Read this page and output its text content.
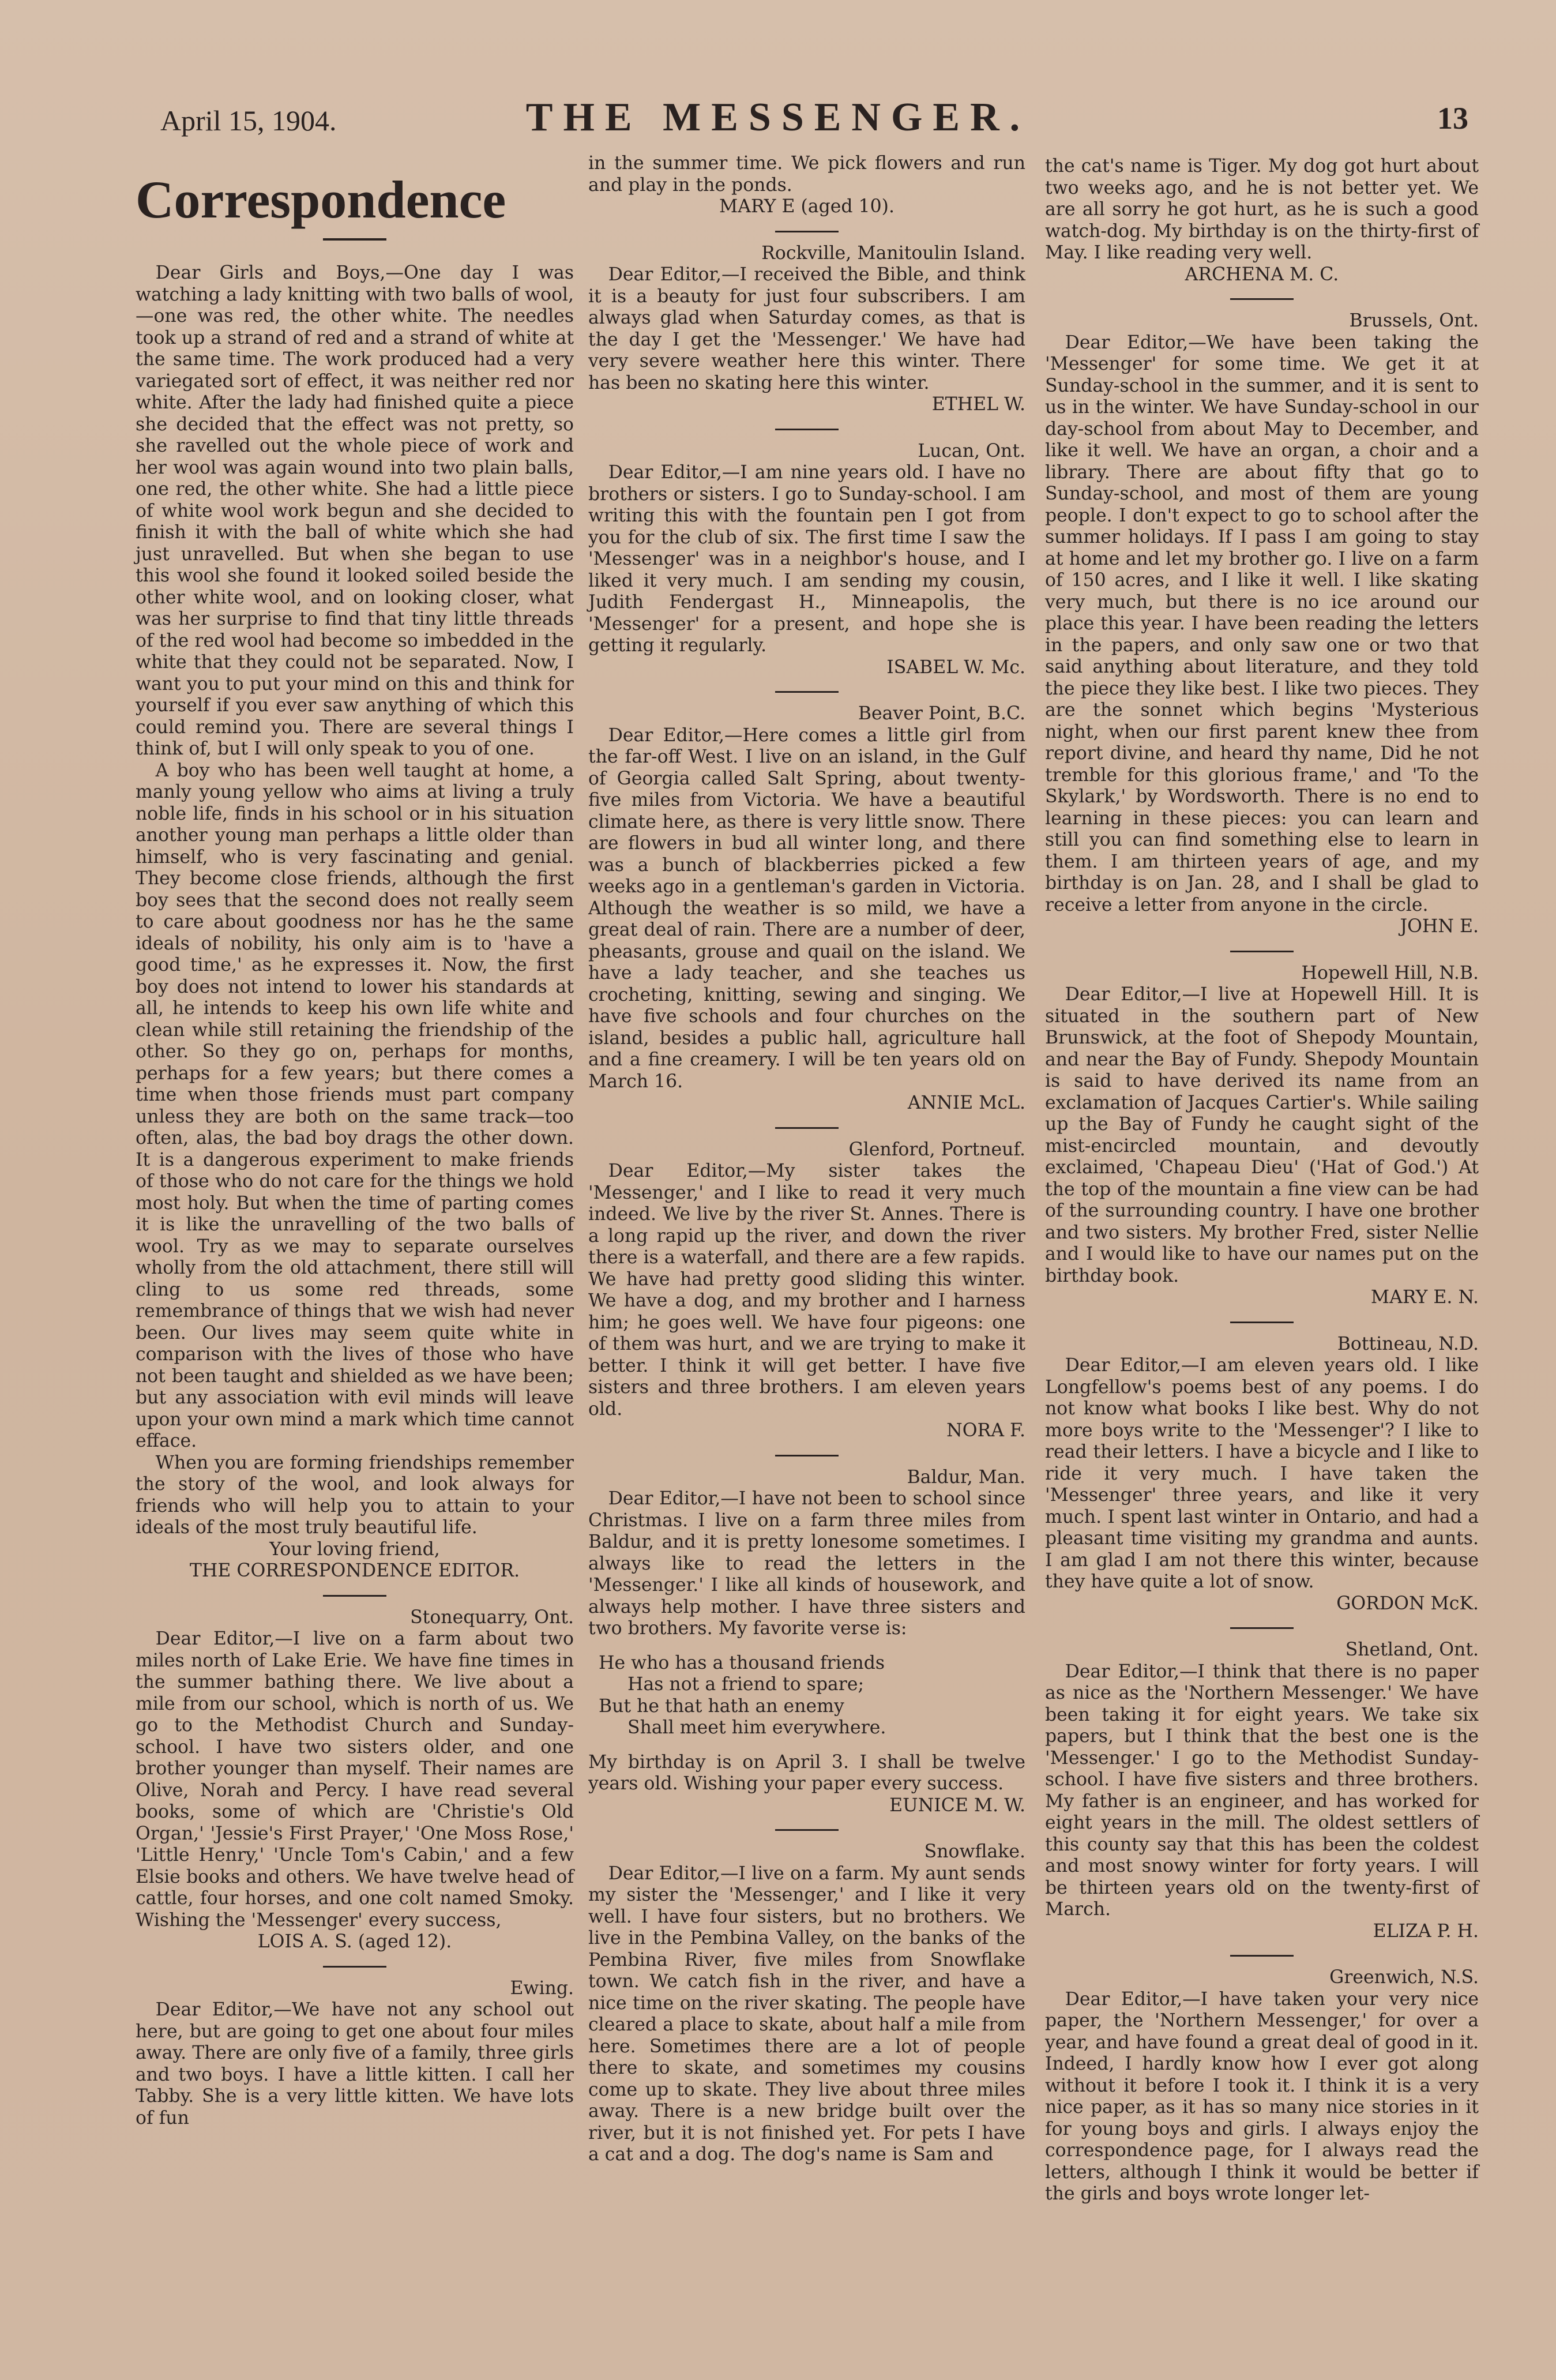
April 15, 1904.	THE MESSENGER.	13
Correspondence

Dear Girls and Boys,—One day I was watching a lady knitting with two balls of wool,—one was red, the other white. The needles took up a strand of red and a strand of white at the same time. The work produced had a very variegated sort of effect, it was neither red nor white. After the lady had finished quite a piece she decided that the effect was not pretty, so she ravelled out the whole piece of work and her wool was again wound into two plain balls, one red, the other white. She had a little piece of white wool work begun and she decided to finish it with the ball of white which she had just unravelled. But when she began to use this wool she found it looked soiled beside the other white wool, and on looking closer, what was her surprise to find that tiny little threads of the red wool had become so imbedded in the white that they could not be separated. Now, I want you to put your mind on this and think for yourself if you ever saw anything of which this could remind you. There are several things I think of, but I will only speak to you of one.

A boy who has been well taught at home, a manly young yellow who aims at living a truly noble life, finds in his school or in his situation another young man perhaps a little older than himself, who is very fascinating and genial. They become close friends, although the first boy sees that the second does not really seem to care about goodness nor has he the same ideals of nobility, his only aim is to 'have a good time,' as he expresses it. Now, the first boy does not intend to lower his standards at all, he intends to keep his own life white and clean while still retaining the friendship of the other. So they go on, perhaps for months, perhaps for a few years; but there comes a time when those friends must part company unless they are both on the same track—too often, alas, the bad boy drags the other down. It is a dangerous experiment to make friends of those who do not care for the things we hold most holy. But when the time of parting comes it is like the unravelling of the two balls of wool. Try as we may to separate ourselves wholly from the old attachment, there still will cling to us some red threads, some remembrance of things that we wish had never been. Our lives may seem quite white in comparison with the lives of those who have not been taught and shielded as we have been; but any association with evil minds will leave upon your own mind a mark which time cannot efface.

When you are forming friendships remember the story of the wool, and look always for friends who will help you to attain to your ideals of the most truly beautiful life.

Your loving friend,
THE CORRESPONDENCE EDITOR.
Stonequarry, Ont.

Dear Editor,—I live on a farm about two miles north of Lake Erie. We have fine times in the summer bathing there. We live about a mile from our school, which is north of us. We go to the Methodist Church and Sunday-school. I have two sisters older, and one brother younger than myself. Their names are Olive, Norah and Percy. I have read several books, some of which are 'Christie's Old Organ,' 'Jessie's First Prayer,' 'One Moss Rose,' 'Little Henry,' 'Uncle Tom's Cabin,' and a few Elsie books and others. We have twelve head of cattle, four horses, and one colt named Smoky. Wishing the 'Messenger' every success,

LOIS A. S. (aged 12).
Ewing.

Dear Editor,—We have not any school out here, but are going to get one about four miles away. There are only five of a family, three girls and two boys. I have a little kitten. I call her Tabby. She is a very little kitten. We have lots of fun

in the summer time. We pick flowers and run and play in the ponds.

MARY E (aged 10).
Rockville, Manitoulin Island.

Dear Editor,—I received the Bible, and think it is a beauty for just four subscribers. I am always glad when Saturday comes, as that is the day I get the 'Messenger.' We have had very severe weather here this winter. There has been no skating here this winter.

ETHEL W.
Lucan, Ont.

Dear Editor,—I am nine years old. I have no brothers or sisters. I go to Sunday-school. I am writing this with the fountain pen I got from you for the club of six. The first time I saw the 'Messenger' was in a neighbor's house, and I liked it very much. I am sending my cousin, Judith Fendergast H., Minneapolis, the 'Messenger' for a present, and hope she is getting it regularly.

ISABEL W. Mc.
Beaver Point, B.C.

Dear Editor,—Here comes a little girl from the far-off West. I live on an island, in the Gulf of Georgia called Salt Spring, about twenty-five miles from Victoria. We have a beautiful climate here, as there is very little snow. There are flowers in bud all winter long, and there was a bunch of blackberries picked a few weeks ago in a gentleman's garden in Victoria. Although the weather is so mild, we have a great deal of rain. There are a number of deer, pheasants, grouse and quail on the island. We have a lady teacher, and she teaches us crocheting, knitting, sewing and singing. We have five schools and four churches on the island, besides a public hall, agriculture hall and a fine creamery. I will be ten years old on March 16.

ANNIE McL.
Glenford, Portneuf.

Dear Editor,—My sister takes the 'Messenger,' and I like to read it very much indeed. We live by the river St. Annes. There is a long rapid up the river, and down the river there is a waterfall, and there are a few rapids. We have had pretty good sliding this winter. We have a dog, and my brother and I harness him; he goes well. We have four pigeons: one of them was hurt, and we are trying to make it better. I think it will get better. I have five sisters and three brothers. I am eleven years old.

NORA F.
Baldur, Man.

Dear Editor,—I have not been to school since Christmas. I live on a farm three miles from Baldur, and it is pretty lonesome sometimes. I always like to read the letters in the 'Messenger.' I like all kinds of housework, and always help mother. I have three sisters and two brothers. My favorite verse is:

He who has a thousand friends
Has not a friend to spare;
But he that hath an enemy
Shall meet him everywhere.

My birthday is on April 3. I shall be twelve years old. Wishing your paper every success.

EUNICE M. W.
Snowflake.

Dear Editor,—I live on a farm. My aunt sends my sister the 'Messenger,' and I like it very well. I have four sisters, but no brothers. We live in the Pembina Valley, on the banks of the Pembina River, five miles from Snowflake town. We catch fish in the river, and have a nice time on the river skating. The people have cleared a place to skate, about half a mile from here. Sometimes there are a lot of people there to skate, and sometimes my cousins come up to skate. They live about three miles away. There is a new bridge built over the river, but it is not finished yet. For pets I have a cat and a dog. The dog's name is Sam and

the cat's name is Tiger. My dog got hurt about two weeks ago, and he is not better yet. We are all sorry he got hurt, as he is such a good watch-dog. My birthday is on the thirty-first of May. I like reading very well.

ARCHENA M. C.
Brussels, Ont.

Dear Editor,—We have been taking the 'Messenger' for some time. We get it at Sunday-school in the summer, and it is sent to us in the winter. We have Sunday-school in our day-school from about May to December, and like it well. We have an organ, a choir and a library. There are about fifty that go to Sunday-school, and most of them are young people. I don't expect to go to school after the summer holidays. If I pass I am going to stay at home and let my brother go. I live on a farm of 150 acres, and I like it well. I like skating very much, but there is no ice around our place this year. I have been reading the letters in the papers, and only saw one or two that said anything about literature, and they told the piece they like best. I like two pieces. They are the sonnet which begins 'Mysterious night, when our first parent knew thee from report divine, and heard thy name, Did he not tremble for this glorious frame,' and 'To the Skylark,' by Wordsworth. There is no end to learning in these pieces: you can learn and still you can find something else to learn in them. I am thirteen years of age, and my birthday is on Jan. 28, and I shall be glad to receive a letter from anyone in the circle.

JOHN E.
Hopewell Hill, N.B.

Dear Editor,—I live at Hopewell Hill. It is situated in the southern part of New Brunswick, at the foot of Shepody Mountain, and near the Bay of Fundy. Shepody Mountain is said to have derived its name from an exclamation of Jacques Cartier's. While sailing up the Bay of Fundy he caught sight of the mist-encircled mountain, and devoutly exclaimed, 'Chapeau Dieu' ('Hat of God.') At the top of the mountain a fine view can be had of the surrounding country. I have one brother and two sisters. My brother Fred, sister Nellie and I would like to have our names put on the birthday book.

MARY E. N.
Bottineau, N.D.

Dear Editor,—I am eleven years old. I like Longfellow's poems best of any poems. I do not know what books I like best. Why do not more boys write to the 'Messenger'? I like to read their letters. I have a bicycle and I like to ride it very much. I have taken the 'Messenger' three years, and like it very much. I spent last winter in Ontario, and had a pleasant time visiting my grandma and aunts. I am glad I am not there this winter, because they have quite a lot of snow.

GORDON McK.
Shetland, Ont.

Dear Editor,—I think that there is no paper as nice as the 'Northern Messenger.' We have been taking it for eight years. We take six papers, but I think that the best one is the 'Messenger.' I go to the Methodist Sunday-school. I have five sisters and three brothers. My father is an engineer, and has worked for eight years in the mill. The oldest settlers of this county say that this has been the coldest and most snowy winter for forty years. I will be thirteen years old on the twenty-first of March.

ELIZA P. H.
Greenwich, N.S.

Dear Editor,—I have taken your very nice paper, the 'Northern Messenger,' for over a year, and have found a great deal of good in it. Indeed, I hardly know how I ever got along without it before I took it. I think it is a very nice paper, as it has so many nice stories in it for young boys and girls. I always enjoy the correspondence page, for I always read the letters, although I think it would be better if the girls and boys wrote longer let-
